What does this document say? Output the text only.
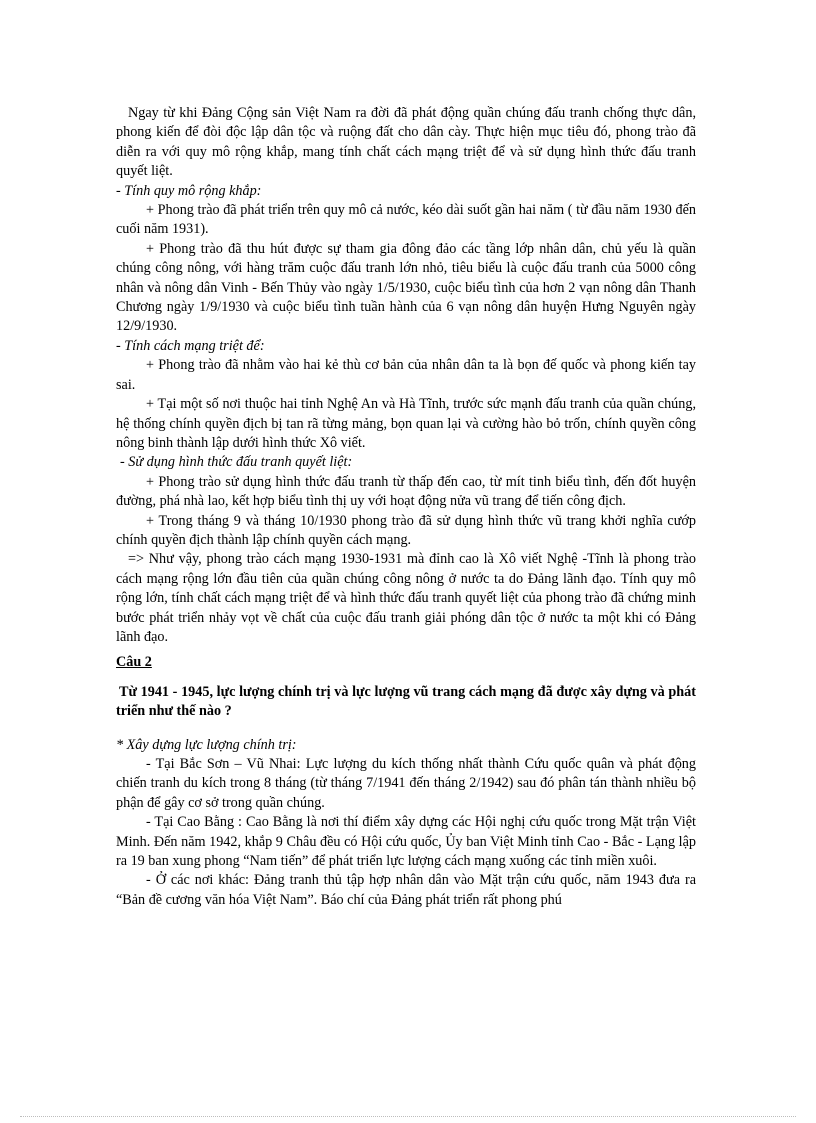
Ngay từ khi Đảng Cộng sản Việt Nam ra đời đã phát động quần chúng đấu tranh chống thực dân, phong kiến để đòi độc lập dân tộc và ruộng đất cho dân cày. Thực hiện mục tiêu đó, phong trào đã diễn ra với quy mô rộng khắp, mang tính chất cách mạng triệt để và sử dụng hình thức đấu tranh quyết liệt.

- Tính quy mô rộng khắp:

+ Phong trào đã phát triển trên quy mô cả nước, kéo dài suốt gần hai năm ( từ đầu năm 1930 đến cuối năm 1931).

+ Phong trào đã thu hút được sự tham gia đông đảo các tầng lớp nhân dân, chủ yếu là quần chúng công nông, với hàng trăm cuộc đấu tranh lớn nhỏ, tiêu biểu là cuộc đấu tranh của 5000 công nhân và nông dân Vinh - Bến Thủy vào ngày 1/5/1930, cuộc biểu tình của hơn 2 vạn nông dân Thanh Chương ngày 1/9/1930 và cuộc biểu tình tuần hành của 6 vạn nông dân huyện Hưng Nguyên ngày 12/9/1930.

- Tính cách mạng triệt để:

+ Phong trào đã nhằm vào hai kẻ thù cơ bản của nhân dân ta là bọn đế quốc và phong kiến tay sai.

+ Tại một số nơi thuộc hai tỉnh Nghệ An và Hà Tĩnh, trước sức mạnh đấu tranh của quần chúng, hệ thống chính quyền địch bị tan rã từng mảng, bọn quan lại và cường hào bỏ trốn, chính quyền công nông binh thành lập dưới hình thức Xô viết.

- Sử dụng hình thức đấu tranh quyết liệt:

+ Phong trào sử dụng hình thức đấu tranh từ thấp đến cao, từ mít tinh biểu tình, đến đốt huyện đường, phá nhà lao, kết hợp biểu tình thị uy với hoạt động nửa vũ trang để tiến công địch.

+ Trong tháng 9 và tháng 10/1930 phong trào đã sử dụng hình thức vũ trang khởi nghĩa cướp chính quyền địch thành lập chính quyền cách mạng.

=> Như vậy, phong trào cách mạng 1930-1931 mà đỉnh cao là Xô viết Nghệ -Tĩnh là phong trào cách mạng rộng lớn đầu tiên của quần chúng công nông ở nước ta do Đảng lãnh đạo. Tính quy mô rộng lớn, tính chất cách mạng triệt để và hình thức đấu tranh quyết liệt của phong trào đã chứng minh bước phát triển nhảy vọt về chất của cuộc đấu tranh giải phóng dân tộc ở nước ta một khi có Đảng lãnh đạo.

Câu 2

Từ 1941 - 1945, lực lượng chính trị và lực lượng vũ trang cách mạng đã được xây dựng và phát triển như thế nào ?

* Xây dựng lực lượng chính trị:

- Tại Bắc Sơn – Vũ Nhai: Lực lượng du kích thống nhất thành Cứu quốc quân và phát động chiến tranh du kích trong 8 tháng (từ tháng 7/1941 đến tháng 2/1942) sau đó phân tán thành nhiều bộ phận để gây cơ sở trong quần chúng.

- Tại Cao Bằng : Cao Bằng là nơi thí điểm xây dựng các Hội nghị cứu quốc trong Mặt trận Việt Minh. Đến năm 1942, khắp 9 Châu đều có Hội cứu quốc, Ủy ban Việt Minh tỉnh Cao - Bắc - Lạng lập ra 19 ban xung phong “Nam tiến” để phát triển lực lượng cách mạng xuống các tỉnh miền xuôi.

- Ở các nơi khác: Đảng tranh thủ tập hợp nhân dân vào Mặt trận cứu quốc, năm 1943 đưa ra “Bản đề cương văn hóa Việt Nam”. Báo chí của Đảng phát triển rất phong phú
